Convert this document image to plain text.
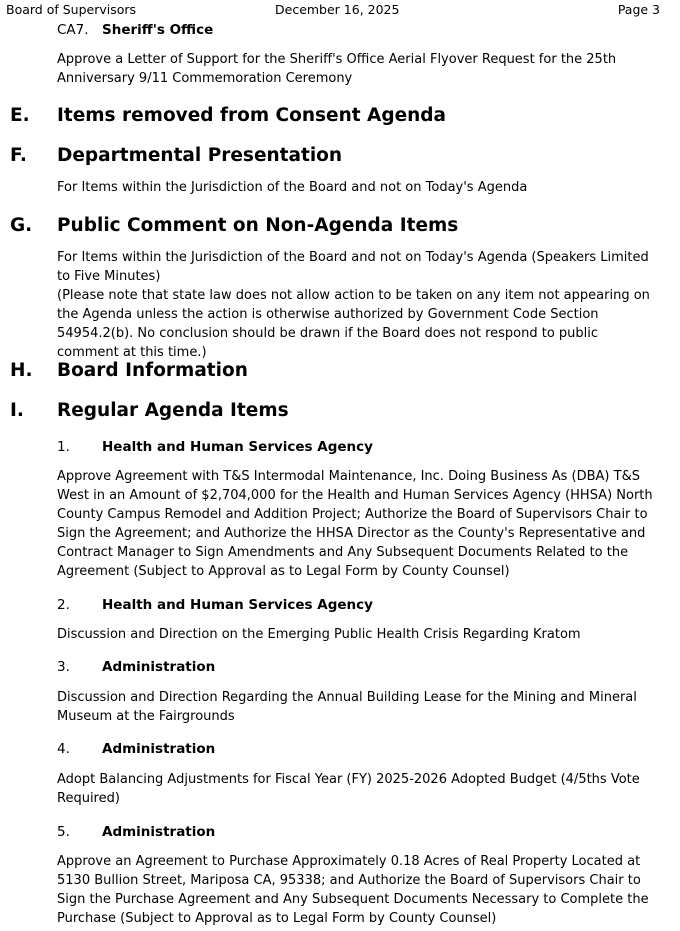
Board of Supervisors	December 16, 2025	Page 3
CA7. Sheriff's Office
Approve a Letter of Support for the Sheriff's Office Aerial Flyover Request for the 25th Anniversary 9/11 Commemoration Ceremony
E. Items removed from Consent Agenda
F. Departmental Presentation
For Items within the Jurisdiction of the Board and not on Today's Agenda
G. Public Comment on Non-Agenda Items
For Items within the Jurisdiction of the Board and not on Today's Agenda (Speakers Limited to Five Minutes)
(Please note that state law does not allow action to be taken on any item not appearing on the Agenda unless the action is otherwise authorized by Government Code Section 54954.2(b). No conclusion should be drawn if the Board does not respond to public comment at this time.)
H. Board Information
I. Regular Agenda Items
1. Health and Human Services Agency
Approve Agreement with T&S Intermodal Maintenance, Inc. Doing Business As (DBA) T&S West in an Amount of $2,704,000 for the Health and Human Services Agency (HHSA) North County Campus Remodel and Addition Project; Authorize the Board of Supervisors Chair to Sign the Agreement; and Authorize the HHSA Director as the County's Representative and Contract Manager to Sign Amendments and Any Subsequent Documents Related to the Agreement (Subject to Approval as to Legal Form by County Counsel)
2. Health and Human Services Agency
Discussion and Direction on the Emerging Public Health Crisis Regarding Kratom
3. Administration
Discussion and Direction Regarding the Annual Building Lease for the Mining and Mineral Museum at the Fairgrounds
4. Administration
Adopt Balancing Adjustments for Fiscal Year (FY) 2025-2026 Adopted Budget (4/5ths Vote Required)
5. Administration
Approve an Agreement to Purchase Approximately 0.18 Acres of Real Property Located at 5130 Bullion Street, Mariposa CA, 95338; and Authorize the Board of Supervisors Chair to Sign the Purchase Agreement and Any Subsequent Documents Necessary to Complete the Purchase (Subject to Approval as to Legal Form by County Counsel)
